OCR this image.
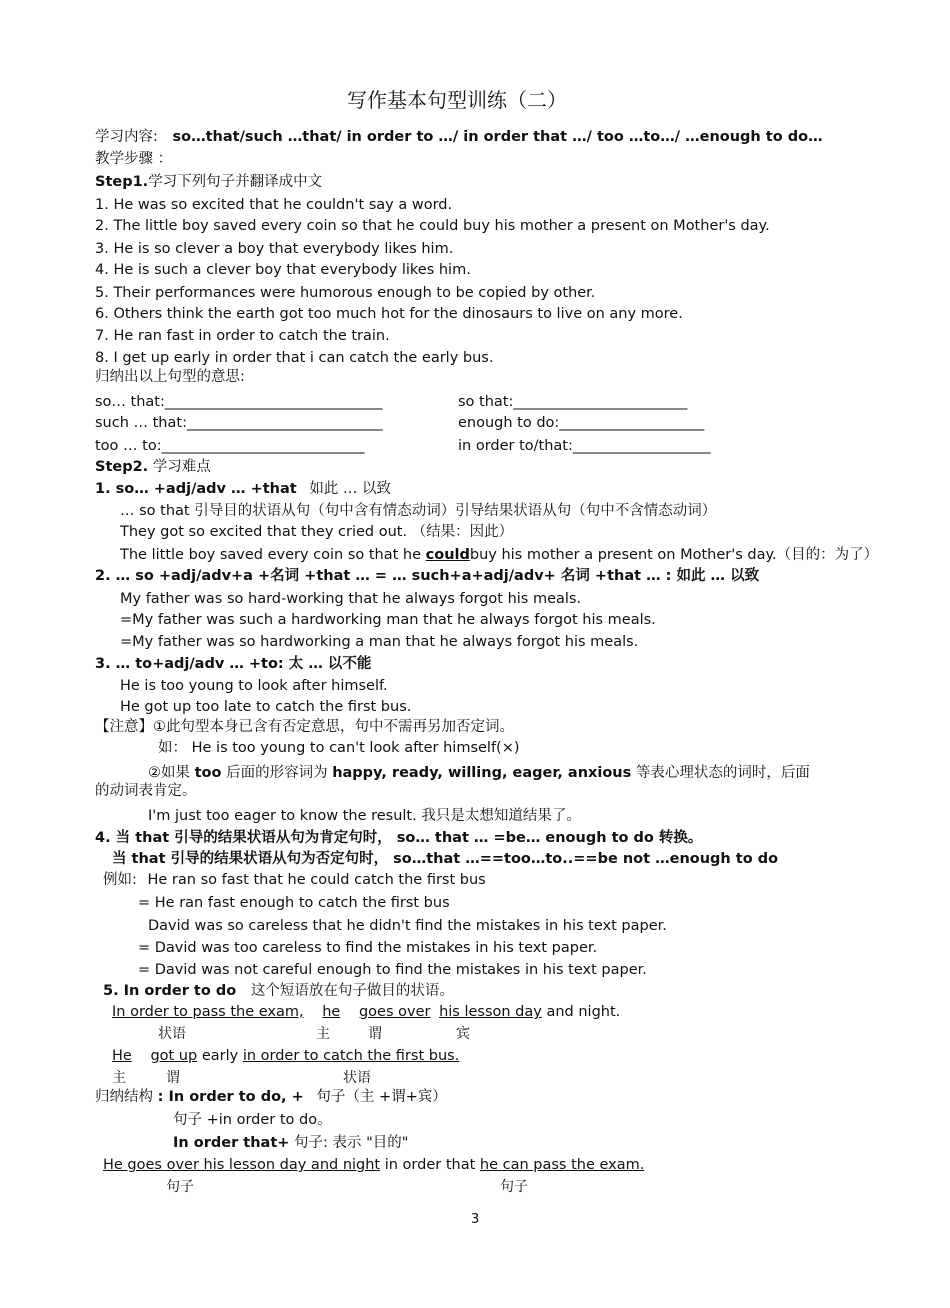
写作基本句型训练（二）
学习内容: so…that/such …that/ in order to …/ in order that …/ too …to…/ …enough to do…
教学步骤 ：
Step1.学习下列句子并翻译成中文
1. He was so excited that he couldn't say a word.
2. The little boy saved every coin so that he could buy his mother a present on Mother's day.
3. He is so clever a boy that everybody likes him.
4. He is such a clever boy that everybody likes him.
5. Their performances were humorous enough to be copied by other.
6. Others think the earth got too much hot for the dinosaurs to live on any more.
7. He ran fast in order to catch the train.
8. I get up early in order that i can catch the early bus.
归纳出以上句型的意思:
so… that:______________________________	so that:________________________
such … that:___________________________	enough to do:____________________
too … to:____________________________	in order to/that:___________________
Step2. 学习难点
1. so… +adj/adv … +that 如此 … 以致
… so that 引导目的状语从句（句中含有情态动词）引导结果状语从句（句中不含情态动词）
They got so excited that they cried out. （结果：因此）
The little boy saved every coin so that he couldbuy his mother a present on Mother's day.（目的：为了）
2. … so +adj/adv+a +名词 +that … = … such+a+adj/adv+ 名词 +that … : 如此 … 以致
My father was so hard-working that he always forgot his meals.
=My father was such a hardworking man that he always forgot his meals.
=My father was so hardworking a man that he always forgot his meals.
3. … to+adj/adv … +to: 太 … 以不能
He is too young to look after himself.
He got up too late to catch the first bus.
【注意】①此句型本身已含有否定意思，句中不需再另加否定词。
如： He is too young to can't look after himself(×)
②如果 too 后面的形容词为 happy, ready, willing, eager, anxious 等表心理状态的词时，后面
的动词表肯定。
I'm just too eager to know the result. 我只是太想知道结果了。
4. 当 that 引导的结果状语从句为肯定句时， so… that … =be… enough to do 转换。
当 that 引导的结果状语从句为否定句时， so…that …==too…to..==be not …enough to do
例如: He ran so fast that he could catch the first bus
= He ran fast enough to catch the first bus
David was so careless that he didn't find the mistakes in his text paper.
= David was too careless to find the mistakes in his text paper.
= David was not careful enough to find the mistakes in his text paper.
5. In order to do 这个短语放在句子做目的状语。
In order to pass the exam, he goes over his lesson day and night.
状语	主	谓	宾
He got up early in order to catch the first bus.
主	谓	状语
归纳结构 : In order to do, + 句子（主 +谓+宾）
句子 +in order to do。
In order that+ 句子: 表示 "目的"
He goes over his lesson day and night in order that he can pass the exam.
句子	句子
3
